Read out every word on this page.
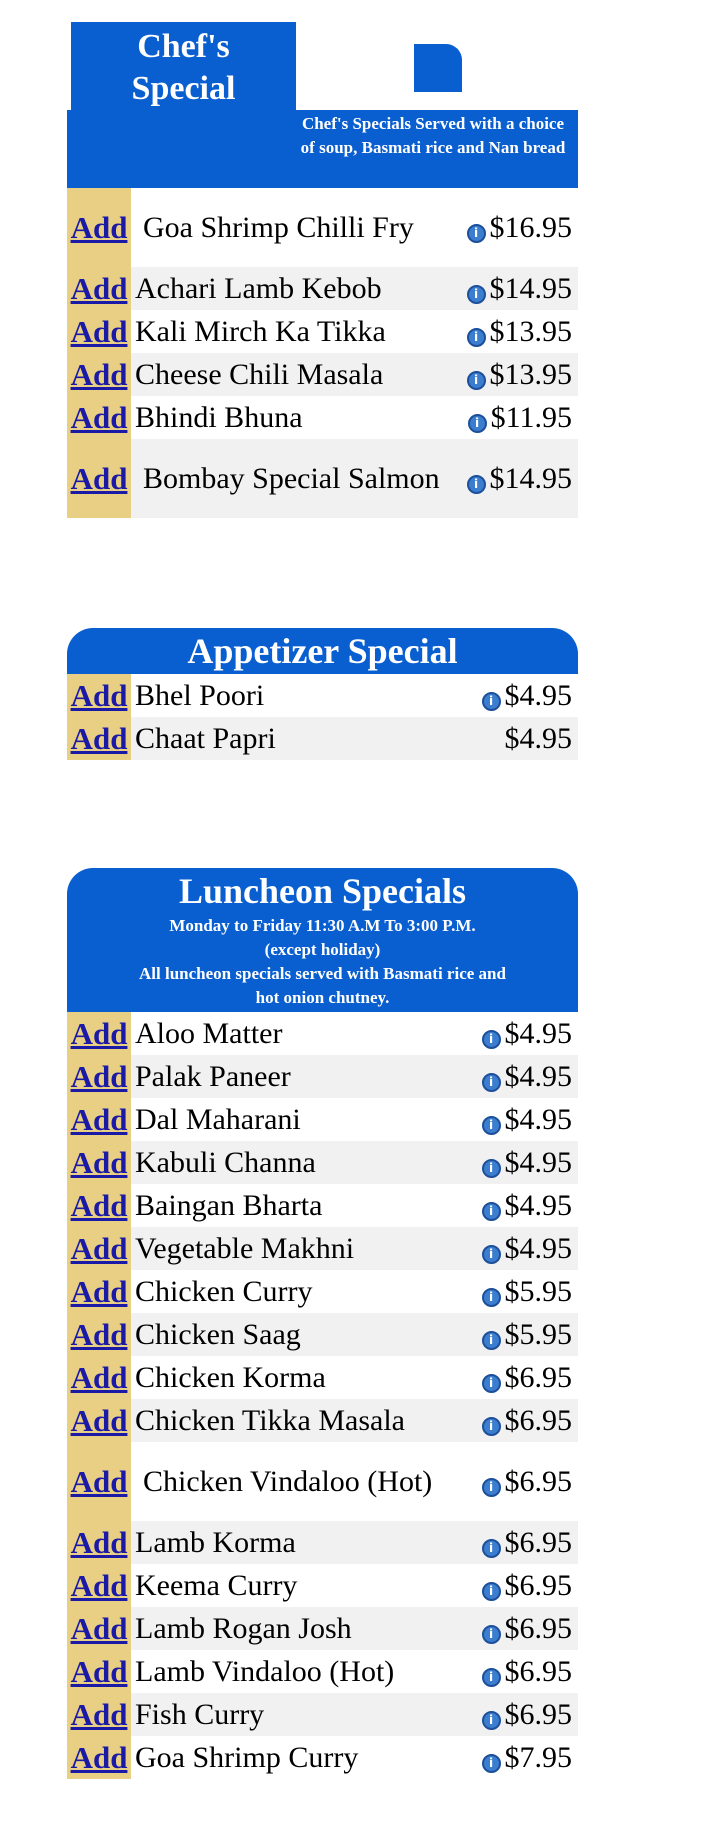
Chef's Specials Served with a choice of soup, Basmati rice and Nan bread
Chef's
Special
Add Goa Shrimp Chilli Fry	i $16.95
Add Achari Lamb Kebob	i $14.95
Add Kali Mirch Ka Tikka	i $13.95
Add Cheese Chili Masala	i $13.95
Add Bhindi Bhuna	i $11.95
Add Bombay Special Salmon	i $14.95
Appetizer Special
Add Bhel Poori	i $4.95
Add Chaat Papri	$4.95
Luncheon Specials
Monday to Friday 11:30 A.M To 3:00 P.M.
(except holiday)
All luncheon specials served with Basmati rice and hot onion chutney.
Add Aloo Matter	i $4.95
Add Palak Paneer	i $4.95
Add Dal Maharani	i $4.95
Add Kabuli Channa	i $4.95
Add Baingan Bharta	i $4.95
Add Vegetable Makhni	i $4.95
Add Chicken Curry	i $5.95
Add Chicken Saag	i $5.95
Add Chicken Korma	i $6.95
Add Chicken Tikka Masala	i $6.95
Add Chicken Vindaloo (Hot)	i $6.95
Add Lamb Korma	i $6.95
Add Keema Curry	i $6.95
Add Lamb Rogan Josh	i $6.95
Add Lamb Vindaloo (Hot)	i $6.95
Add Fish Curry	i $6.95
Add Goa Shrimp Curry	i $7.95
